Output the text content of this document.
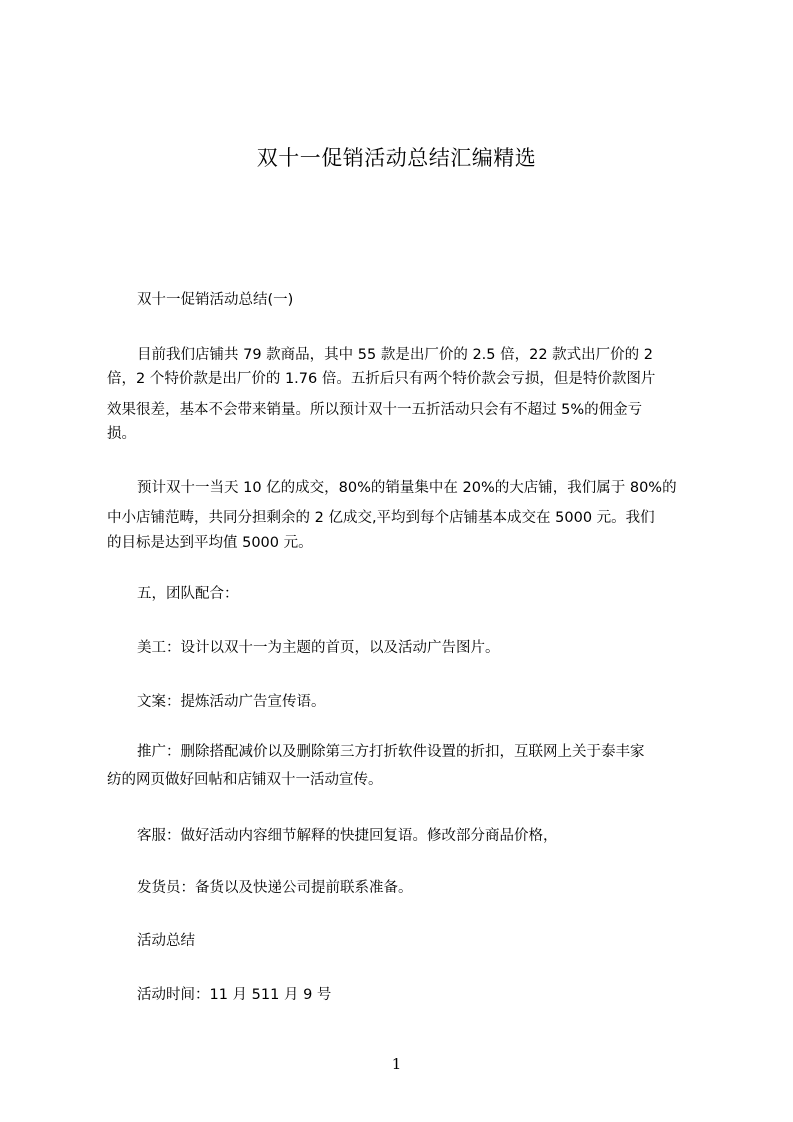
双十一促销活动总结汇编精选
双十一促销活动总结(一)
目前我们店铺共 79 款商品，其中 55 款是出厂价的 2.5 倍，22 款式出厂价的 2
倍，2 个特价款是出厂价的 1.76 倍。五折后只有两个特价款会亏损，但是特价款图片
效果很差，基本不会带来销量。所以预计双十一五折活动只会有不超过 5%的佣金亏
损。
预计双十一当天 10 亿的成交，80%的销量集中在 20%的大店铺，我们属于 80%的
中小店铺范畴，共同分担剩余的 2 亿成交,平均到每个店铺基本成交在 5000 元。我们
的目标是达到平均值 5000 元。
五，团队配合：
美工：设计以双十一为主题的首页，以及活动广告图片。
文案：提炼活动广告宣传语。
推广：删除搭配减价以及删除第三方打折软件设置的折扣，互联网上关于泰丰家
纺的网页做好回帖和店铺双十一活动宣传。
客服：做好活动内容细节解释的快捷回复语。修改部分商品价格，
发货员：备货以及快递公司提前联系准备。
活动总结
活动时间：11 月 511 月 9 号
1
